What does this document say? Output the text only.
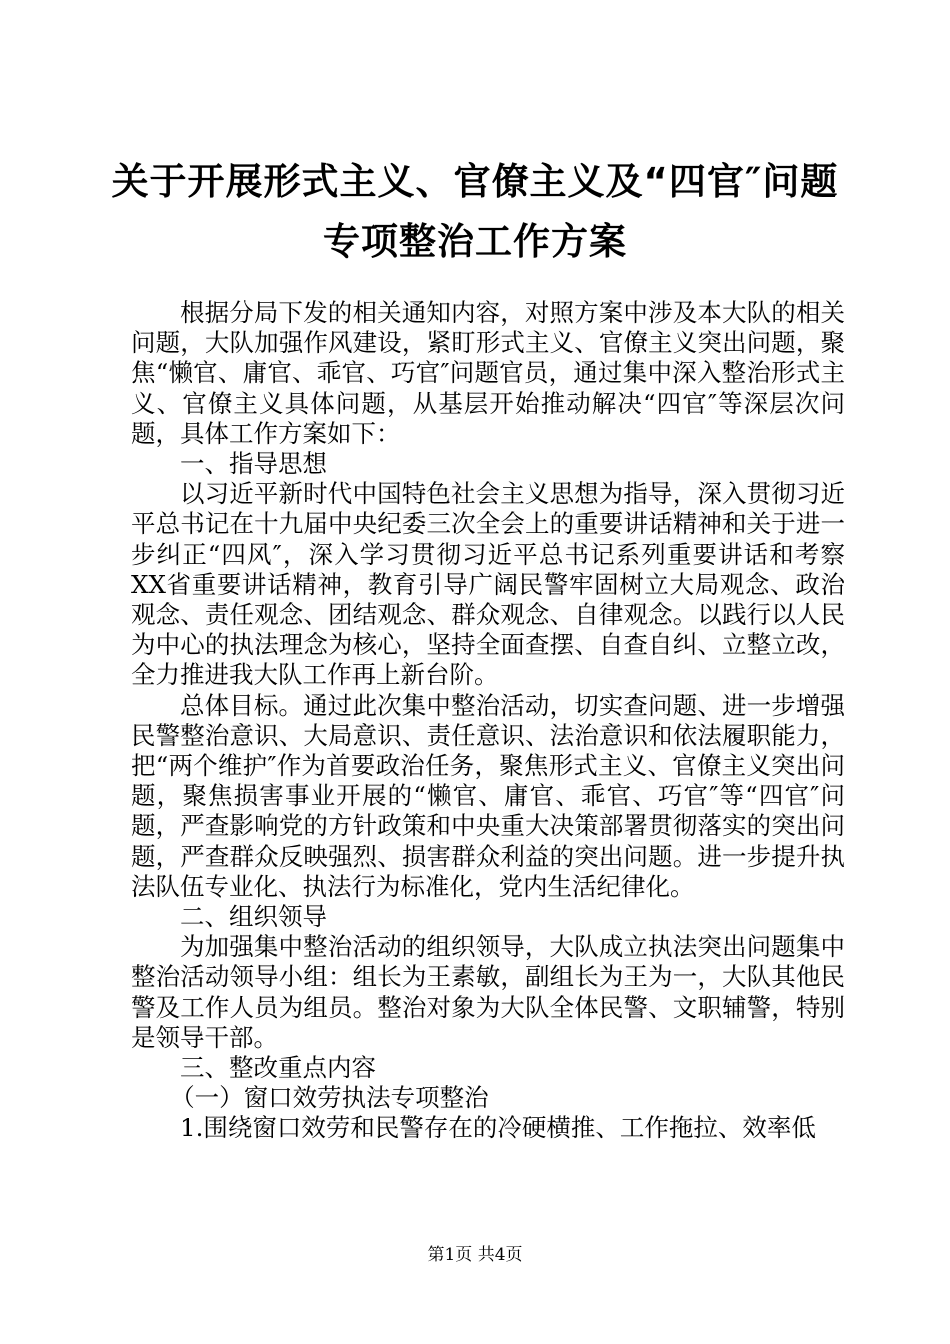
关于开展形式主义、官僚主义及“四官″问题
专项整治工作方案

根据分局下发的相关通知内容，对照方案中涉及本大队的相关问题，大队加强作风建设，紧盯形式主义、官僚主义突出问题，聚焦“懒官、庸官、乖官、巧官″问题官员，通过集中深入整治形式主义、官僚主义具体问题，从基层开始推动解决“四官″等深层次问题，具体工作方案如下：

一、指导思想

以习近平新时代中国特色社会主义思想为指导，深入贯彻习近平总书记在十九届中央纪委三次全会上的重要讲话精神和关于进一步纠正“四风″，深入学习贯彻习近平总书记系列重要讲话和考察XX省重要讲话精神，教育引导广阔民警牢固树立大局观念、政治观念、责任观念、团结观念、群众观念、自律观念。以践行以人民为中心的执法理念为核心，坚持全面查摆、自查自纠、立整立改，全力推进我大队工作再上新台阶。

总体目标。通过此次集中整治活动，切实查问题、进一步增强民警整治意识、大局意识、责任意识、法治意识和依法履职能力，把“两个维护″作为首要政治任务，聚焦形式主义、官僚主义突出问题，聚焦损害事业开展的“懒官、庸官、乖官、巧官″等“四官″问题，严查影响党的方针政策和中央重大决策部署贯彻落实的突出问题，严查群众反映强烈、损害群众利益的突出问题。进一步提升执法队伍专业化、执法行为标准化，党内生活纪律化。

二、组织领导

为加强集中整治活动的组织领导，大队成立执法突出问题集中整治活动领导小组：组长为王素敏，副组长为王为一，大队其他民警及工作人员为组员。整治对象为大队全体民警、文职辅警，特别是领导干部。

三、整改重点内容

（一）窗口效劳执法专项整治

1.围绕窗口效劳和民警存在的冷硬横推、工作拖拉、效率低

第1页 共4页
